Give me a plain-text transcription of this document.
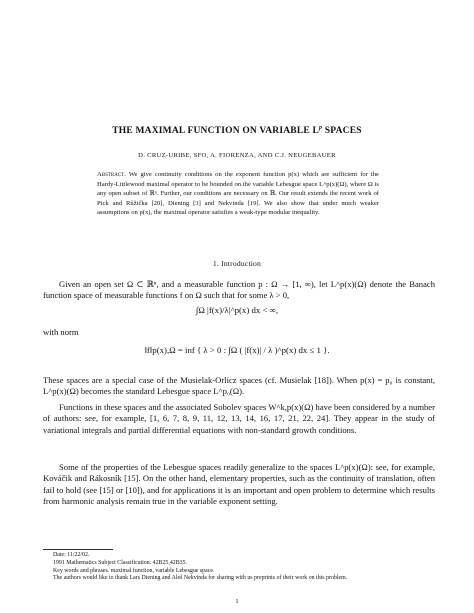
THE MAXIMAL FUNCTION ON VARIABLE $L^p$ SPACES
D. CRUZ-URIBE, SFO, A. FIORENZA, AND C.J. NEUGEBAUER
Abstract. We give continuity conditions on the exponent function p(x) which are sufficient for the Hardy-Littlewood maximal operator to be bounded on the variable Lebesgue space L^p(x)(Ω), where Ω is any open subset of ℝⁿ. Further, our conditions are necessary on ℝ. Our result extends the recent work of Pick and Růžička [20], Diening [3] and Nekvinda [19]. We also show that under much weaker assumptions on p(x), the maximal operator satisfies a weak-type modular inequality.
1. Introduction
Given an open set Ω ⊂ ℝⁿ, and a measurable function p : Ω → [1, ∞), let L^p(x)(Ω) denote the Banach function space of measurable functions f on Ω such that for some λ > 0,
∫Ω |f(x)/λ|^p(x) dx < ∞,
with norm
‖f‖p(x),Ω = inf { λ > 0 : ∫Ω ( |f(x)| / λ )^p(x) dx ≤ 1 }.
These spaces are a special case of the Musielak-Orlicz spaces (cf. Musielak [18]). When p(x) = p₀ is constant, L^p(x)(Ω) becomes the standard Lebesgue space L^p₀(Ω).
Functions in these spaces and the associated Sobolev spaces W^k,p(x)(Ω) have been considered by a number of authors: see, for example, [1, 6, 7, 8, 9, 11, 12, 13, 14, 16, 17, 21, 22, 24]. They appear in the study of variational integrals and partial differential equations with non-standard growth conditions.
Some of the properties of the Lebesgue spaces readily generalize to the spaces L^p(x)(Ω): see, for example, Kováčik and Rákosník [15]. On the other hand, elementary properties, such as the continuity of translation, often fail to hold (see [15] or [10]), and for applications it is an important and open problem to determine which results from harmonic analysis remain true in the variable exponent setting.
Date: 11/22/02.
1991 Mathematics Subject Classification. 42B25,42B35.
Key words and phrases. maximal function, variable Lebesgue space.
The authors would like to thank Lars Diening and Aleš Nekvinda for sharing with us preprints of their work on this problem.
1
